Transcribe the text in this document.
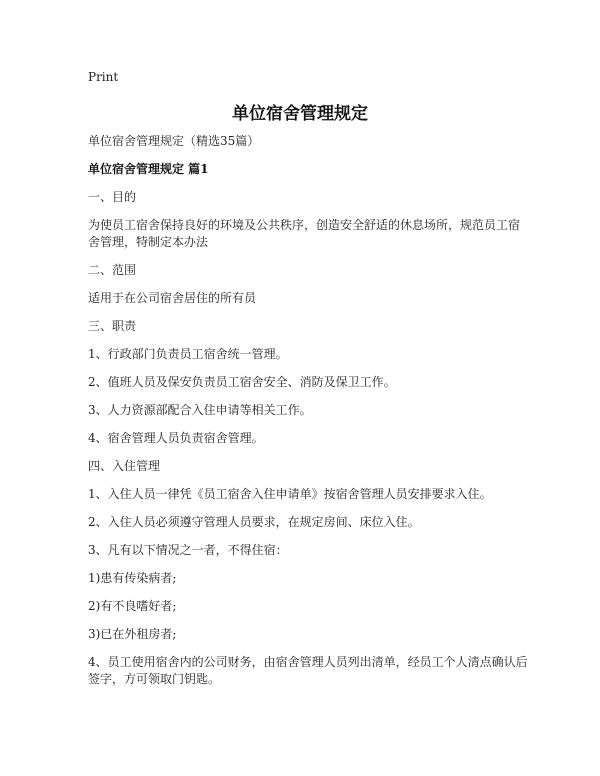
Print
单位宿舍管理规定

单位宿舍管理规定（精选35篇）

单位宿舍管理规定 篇1

一、目的

为使员工宿舍保持良好的环境及公共秩序，创造安全舒适的休息场所，规范员工宿舍管理，特制定本办法

二、范围

适用于在公司宿舍居住的所有员

三、职责

1、行政部门负责员工宿舍统一管理。

2、值班人员及保安负责员工宿舍安全、消防及保卫工作。

3、人力资源部配合入住申请等相关工作。

4、宿舍管理人员负责宿舍管理。

四、入住管理

1、入住人员一律凭《员工宿舍入住申请单》按宿舍管理人员安排要求入住。

2、入住人员必须遵守管理人员要求，在规定房间、床位入住。

3、凡有以下情况之一者，不得住宿：

1)患有传染病者;

2)有不良嗜好者;

3)已在外租房者;

4、员工使用宿舍内的公司财务，由宿舍管理人员列出清单，经员工个人清点确认后签字，方可领取门钥匙。
